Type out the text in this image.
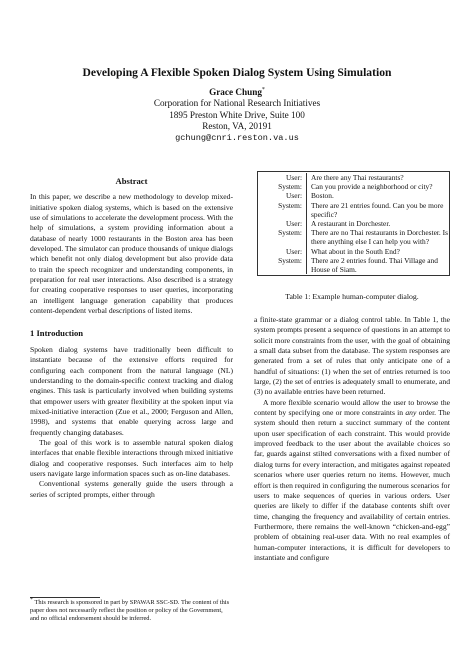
Developing A Flexible Spoken Dialog System Using Simulation
Grace Chung*
Corporation for National Research Initiatives
1895 Preston White Drive, Suite 100
Reston, VA, 20191
gchung@cnri.reston.va.us
Abstract

In this paper, we describe a new methodology to develop mixed-initiative spoken dialog systems, which is based on the extensive use of simulations to accelerate the development process. With the help of simulations, a system providing information about a database of nearly 1000 restaurants in the Boston area has been developed. The simulator can produce thousands of unique dialogs which benefit not only dialog development but also provide data to train the speech recognizer and understanding components, in preparation for real user interactions. Also described is a strategy for creating cooperative responses to user queries, incorporating an intelligent language generation capability that produces content-dependent verbal descriptions of listed items.

1 Introduction

Spoken dialog systems have traditionally been difficult to instantiate because of the extensive efforts required for configuring each component from the natural language (NL) understanding to the domain-specific context tracking and dialog engines. This task is particularly involved when building systems that empower users with greater flexibility at the spoken input via mixed-initiative interaction (Zue et al., 2000; Ferguson and Allen, 1998), and systems that enable querying across large and frequently changing databases.

The goal of this work is to assemble natural spoken dialog interfaces that enable flexible interactions through mixed initiative dialog and cooperative responses. Such interfaces aim to help users navigate large information spaces such as on-line databases.

Conventional systems generally guide the users through a series of scripted prompts, either through

* This research is sponsored in part by SPAWAR SSC-SD. The content of this paper does not necessarily reflect the position or policy of the Government, and no official endorsement should be inferred.
User:	Are there any Thai restaurants?
System:	Can you provide a neighborhood or city?
User:	Boston.
System:	There are 21 entries found. Can you be more specific?
User:	A restaurant in Dorchester.
System:	There are no Thai restaurants in Dorchester. Is there anything else I can help you with?
User:	What about in the South End?
System:	There are 2 entries found. Thai Village and House of Siam.
Table 1: Example human-computer dialog.

a finite-state grammar or a dialog control table. In Table 1, the system prompts present a sequence of questions in an attempt to solicit more constraints from the user, with the goal of obtaining a small data subset from the database. The system responses are generated from a set of rules that only anticipate one of a handful of situations: (1) when the set of entries returned is too large, (2) the set of entries is adequately small to enumerate, and (3) no available entries have been returned.

A more flexible scenario would allow the user to browse the content by specifying one or more constraints in any order. The system should then return a succinct summary of the content upon user specification of each constraint. This would provide improved feedback to the user about the available choices so far, guards against stilted conversations with a fixed number of dialog turns for every interaction, and mitigates against repeated scenarios where user queries return no items. However, much effort is then required in configuring the numerous scenarios for users to make sequences of queries in various orders. User queries are likely to differ if the database contents shift over time, changing the frequency and availability of certain entries. Furthermore, there remains the well-known “chicken-and-egg” problem of obtaining real-user data. With no real examples of human-computer interactions, it is difficult for developers to instantiate and configure
